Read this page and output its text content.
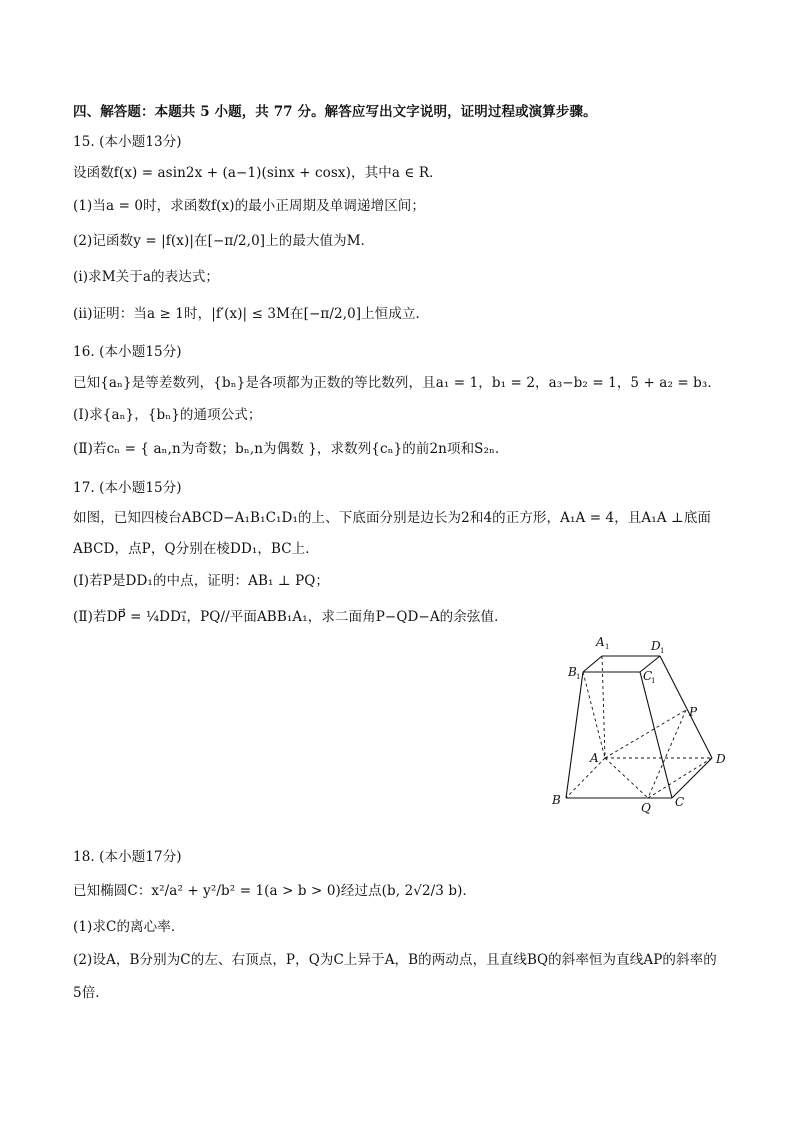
四、解答题：本题共 5 小题，共 77 分。解答应写出文字说明，证明过程或演算步骤。
15. (本小题13分)
设函数f(x) = asin2x + (a−1)(sinx + cosx)，其中a ∈ R．
(1)当a = 0时，求函数f(x)的最小正周期及单调递增区间；
(2)记函数y = |f(x)|在[−π/2,0]上的最大值为M．
(i)求M关于a的表达式；
(ii)证明：当a ≥ 1时，|f′(x)| ≤ 3M在[−π/2,0]上恒成立．
16. (本小题15分)
已知{aₙ}是等差数列，{bₙ}是各项都为正数的等比数列，且a₁ = 1，b₁ = 2，a₃−b₂ = 1，5 + a₂ = b₃．
(Ⅰ)求{aₙ}，{bₙ}的通项公式；
(Ⅱ)若cₙ = { aₙ,n为奇数；bₙ,n为偶数 }，求数列{cₙ}的前2n项和S₂ₙ．
17. (本小题15分)
如图，已知四棱台ABCD−A₁B₁C₁D₁的上、下底面分别是边长为2和4的正方形，A₁A = 4，且A₁A ⊥底面
ABCD，点P，Q分别在棱DD₁，BC上．
(Ⅰ)若P是DD₁的中点，证明：AB₁ ⊥ PQ；
(Ⅱ)若DP⃗ = ¼DD₁⃗，PQ//平面ABB₁A₁，求二面角P−QD−A的余弦值．
A 1	D 1
B 1	C
1
P
A	D
B
Q C
18. (本小题17分)
已知椭圆C：x²/a² + y²/b² = 1(a > b > 0)经过点(b, 2√2/3 b)．
(1)求C的离心率．
(2)设A，B分别为C的左、右顶点，P，Q为C上异于A，B的两动点，且直线BQ的斜率恒为直线AP的斜率的
5倍．
